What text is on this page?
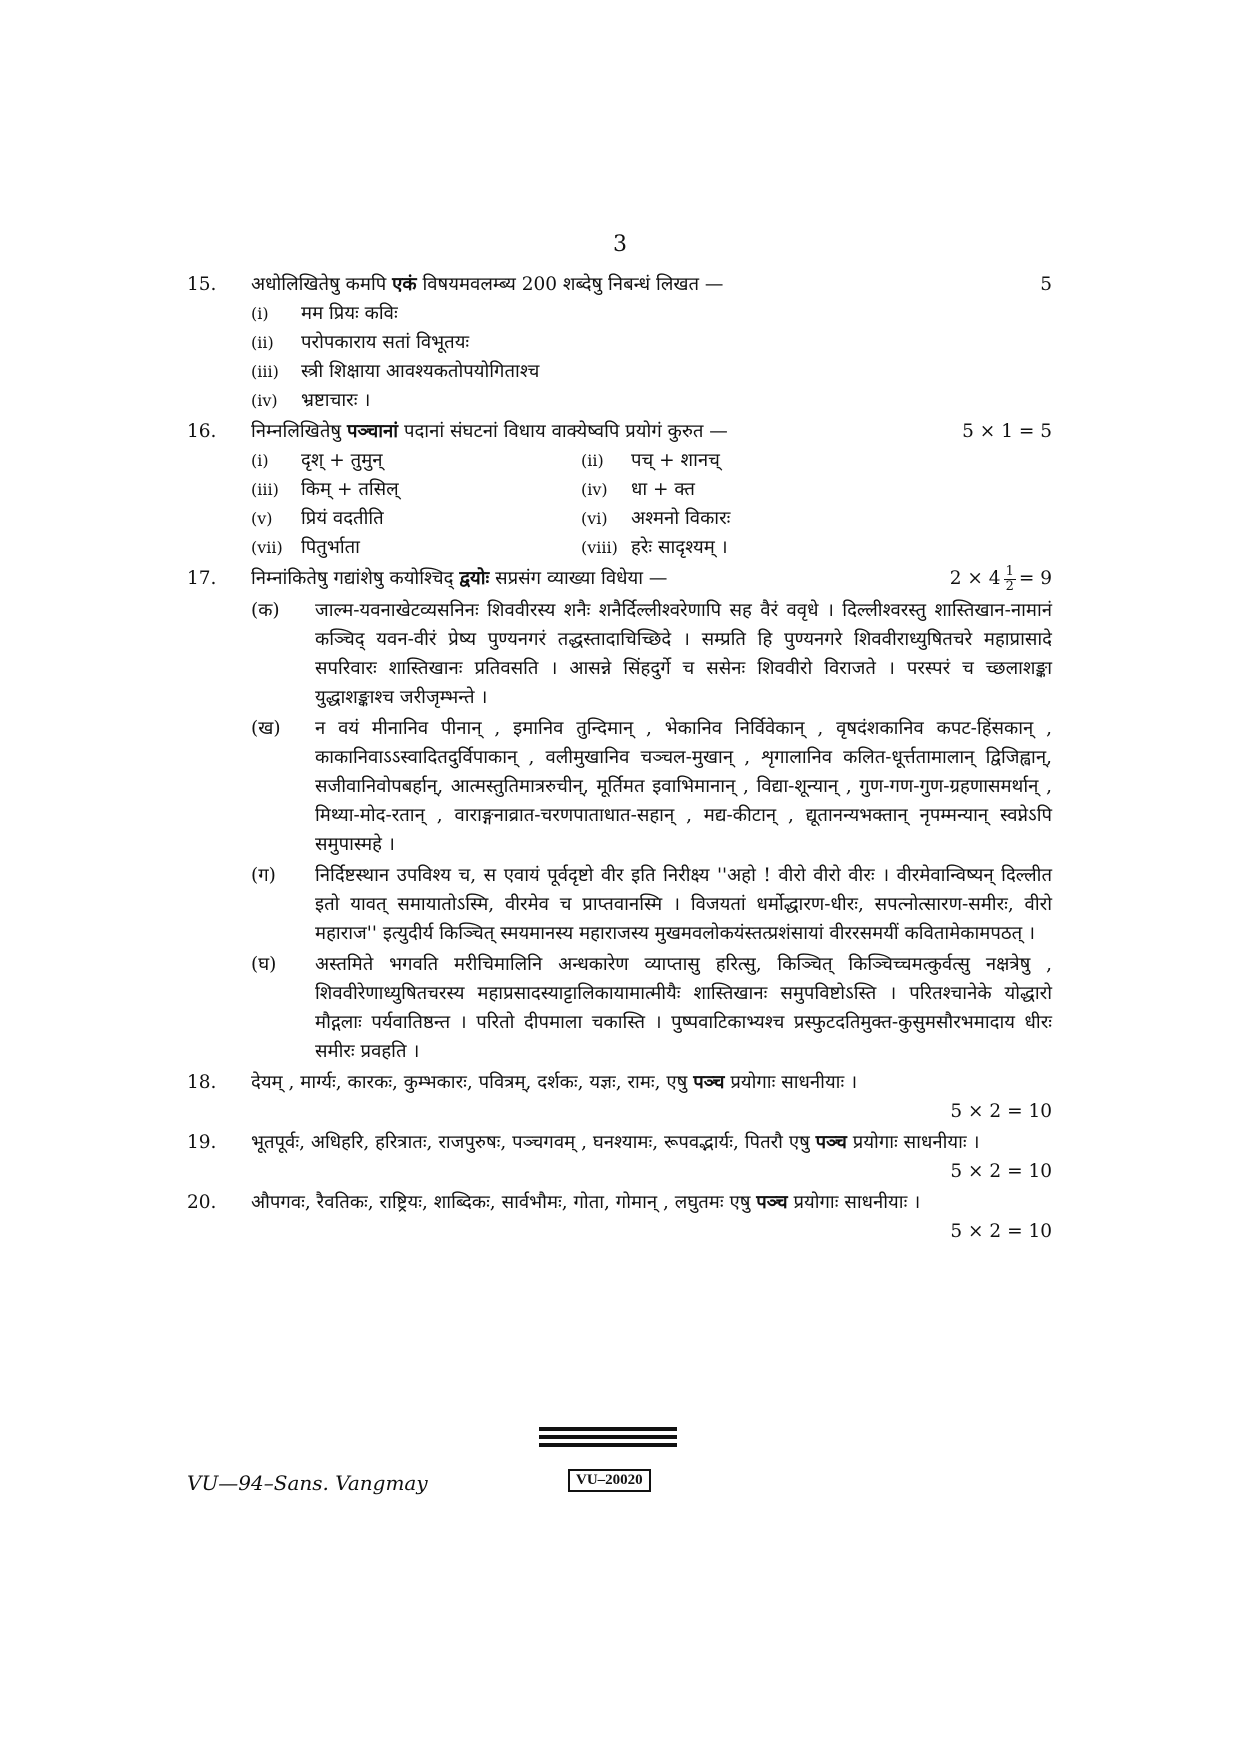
3
15.	अधोलिखितेषु कमपि एकं विषयमवलम्ब्य 200 शब्देषु निबन्धं लिखत —	5
(i) मम प्रियः कविः
(ii) परोपकाराय सतां विभूतयः
(iii) स्त्री शिक्षाया आवश्यकतोपयोगिताश्च
(iv) भ्रष्टाचारः ।
16.	निम्नलिखितेषु पञ्चानां पदानां संघटनां विधाय वाक्येष्वपि प्रयोगं कुरुत —	5 × 1 = 5
(i) दृश् + तुमुन्	(ii) पच् + शानच्
(iii) किम् + तसिल्	(iv) धा + क्त
(v) प्रियं वदतीति	(vi) अश्मनो विकारः
(vii) पितुर्भाता	(viii) हरेः सादृश्यम् ।
17.	निम्नांकितेषु गद्यांशेषु कयोश्चिद् द्वयोः सप्रसंग व्याख्या विधेया —	$2 \times 4 \frac{1}{2} = 9$
(क) जाल्म-यवनाखेटव्यसनिनः शिववीरस्य शनैः शनैर्दिल्लीश्वरेणापि सह वैरं ववृधे । दिल्लीश्वरस्तु शास्तिखान-नामानं कञ्चिद् यवन-वीरं प्रेष्य पुण्यनगरं तद्धस्तादाचिच्छिदे । सम्प्रति हि पुण्यनगरे शिववीराध्युषितचरे महाप्रासादे सपरिवारः शास्तिखानः प्रतिवसति । आसन्ने सिंहदुर्गे च ससेनः शिववीरो विराजते । परस्परं च च्छलाशङ्का युद्धाशङ्काश्च जरीजृम्भन्ते ।
(ख) न वयं मीनानिव पीनान् , इमानिव तुन्दिमान् , भेकानिव निर्विवेकान् , वृषदंशकानिव कपट-हिंसकान् , काकानिवाऽऽस्वादितदुर्विपाकान् , वलीमुखानिव चञ्चल-मुखान् , शृगालानिव कलित-धूर्त्ततामालान् द्विजिह्वान्, सजीवानिवोपबर्हान्, आत्मस्तुतिमात्ररुचीन्, मूर्तिमत इवाभिमानान् , विद्या-शून्यान् , गुण-गण-गुण-ग्रहणासमर्थान् , मिथ्या-मोद-रतान् , वाराङ्गनाव्रात-चरणपाताधात-सहान् , मद्य-कीटान् , द्यूतानन्यभक्तान् नृपम्मन्यान् स्वप्नेऽपि समुपास्महे ।
(ग) निर्दिष्टस्थान उपविश्य च, स एवायं पूर्वदृष्टो वीर इति निरीक्ष्य ''अहो ! वीरो वीरो वीरः । वीरमेवान्विष्यन् दिल्लीत इतो यावत् समायातोऽस्मि, वीरमेव च प्राप्तवानस्मि । विजयतां धर्मोद्धारण-धीरः, सपत्नोत्सारण-समीरः, वीरो महाराज'' इत्युदीर्य किञ्चित् स्मयमानस्य महाराजस्य मुखमवलोकयंस्तत्प्रशंसायां वीररसमयीं कवितामेकामपठत् ।
(घ) अस्तमिते भगवति मरीचिमालिनि अन्धकारेण व्याप्तासु हरित्सु, किञ्चित् किञ्चिच्चमत्कुर्वत्सु नक्षत्रेषु , शिववीरेणाध्युषितचरस्य महाप्रसादस्याट्टालिकायामात्मीयैः शास्तिखानः समुपविष्टोऽस्ति । परितश्चानेके योद्धारो मौद्गलाः पर्यवातिष्ठन्त । परितो दीपमाला चकास्ति । पुष्पवाटिकाभ्यश्च प्रस्फुटदतिमुक्त-कुसुमसौरभमादाय धीरः समीरः प्रवहति ।
18.	देयम् , मार्ग्यः, कारकः, कुम्भकारः, पवित्रम्, दर्शकः, यज्ञः, रामः, एषु पञ्च प्रयोगाः साधनीयाः ।
5 × 2 = 10
19.	भूतपूर्वः, अधिहरि, हरित्रातः, राजपुरुषः, पञ्चगवम् , घनश्यामः, रूपवद्भार्यः, पितरौ एषु पञ्च प्रयोगाः साधनीयाः ।
5 × 2 = 10
20.	औपगवः, रैवतिकः, राष्ट्रियः, शाब्दिकः, सार्वभौमः, गोता, गोमान् , लघुतमः एषु पञ्च प्रयोगाः साधनीयाः ।
5 × 2 = 10
VU—94–Sans. Vangmay	VU–20020
